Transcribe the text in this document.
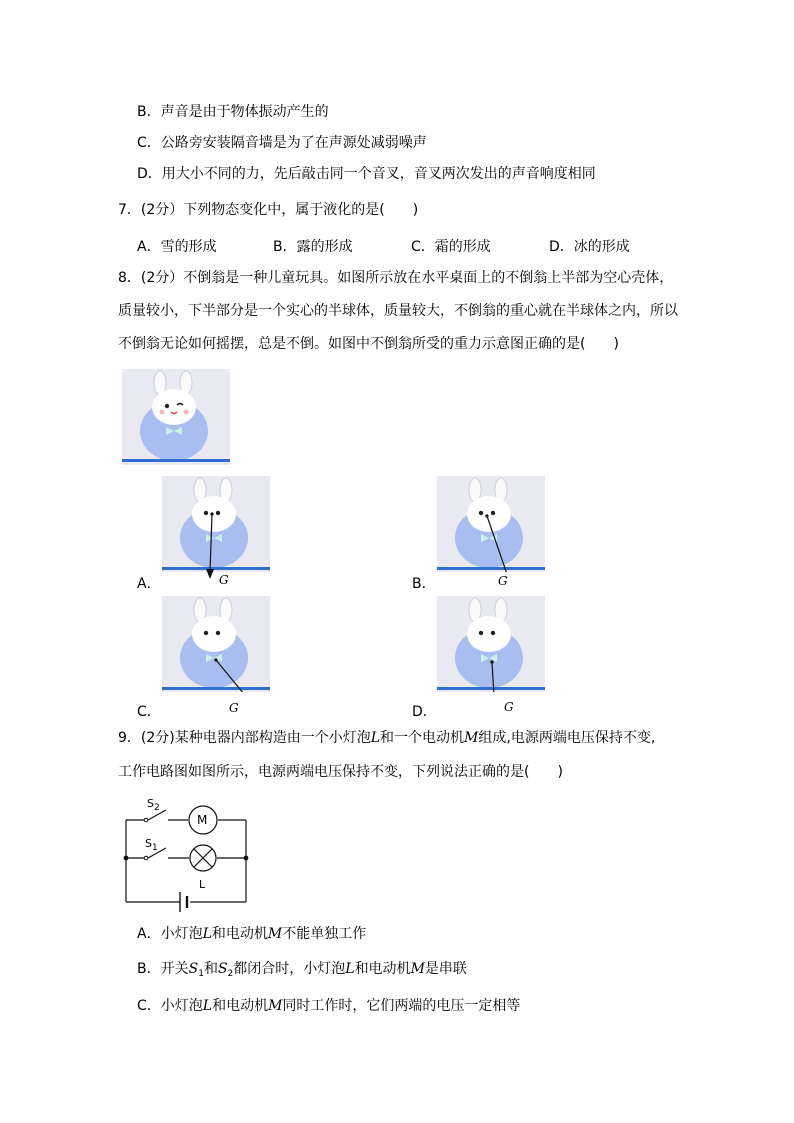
B．声音是由于物体振动产生的
C．公路旁安装隔音墙是为了在声源处减弱噪声
D．用大小不同的力，先后敲击同一个音叉，音叉两次发出的声音响度相同
7．(2分）下列物态变化中，属于液化的是(　　)
A．雪的形成	B．露的形成	C．霜的形成	D．冰的形成
8．(2分）不倒翁是一种儿童玩具。如图所示放在水平桌面上的不倒翁上半部为空心壳体，
质量较小，下半部分是一个实心的半球体，质量较大，不倒翁的重心就在半球体之内，所以
不倒翁无论如何摇摆，总是不倒。如图中不倒翁所受的重力示意图正确的是(　　)
G
A．	G
B．
G
C．	G
D．
9．(2分)某种电器内部构造由一个小灯泡L和一个电动机M组成,电源两端电压保持不变,
工作电路图如图所示，电源两端电压保持不变，下列说法正确的是(　　)
$S_2$
$S_1$
M
L
A．小灯泡L和电动机M不能单独工作
B．开关$S_1$和$S_2$都闭合时，小灯泡L和电动机M是串联
C．小灯泡L和电动机M同时工作时，它们两端的电压一定相等
